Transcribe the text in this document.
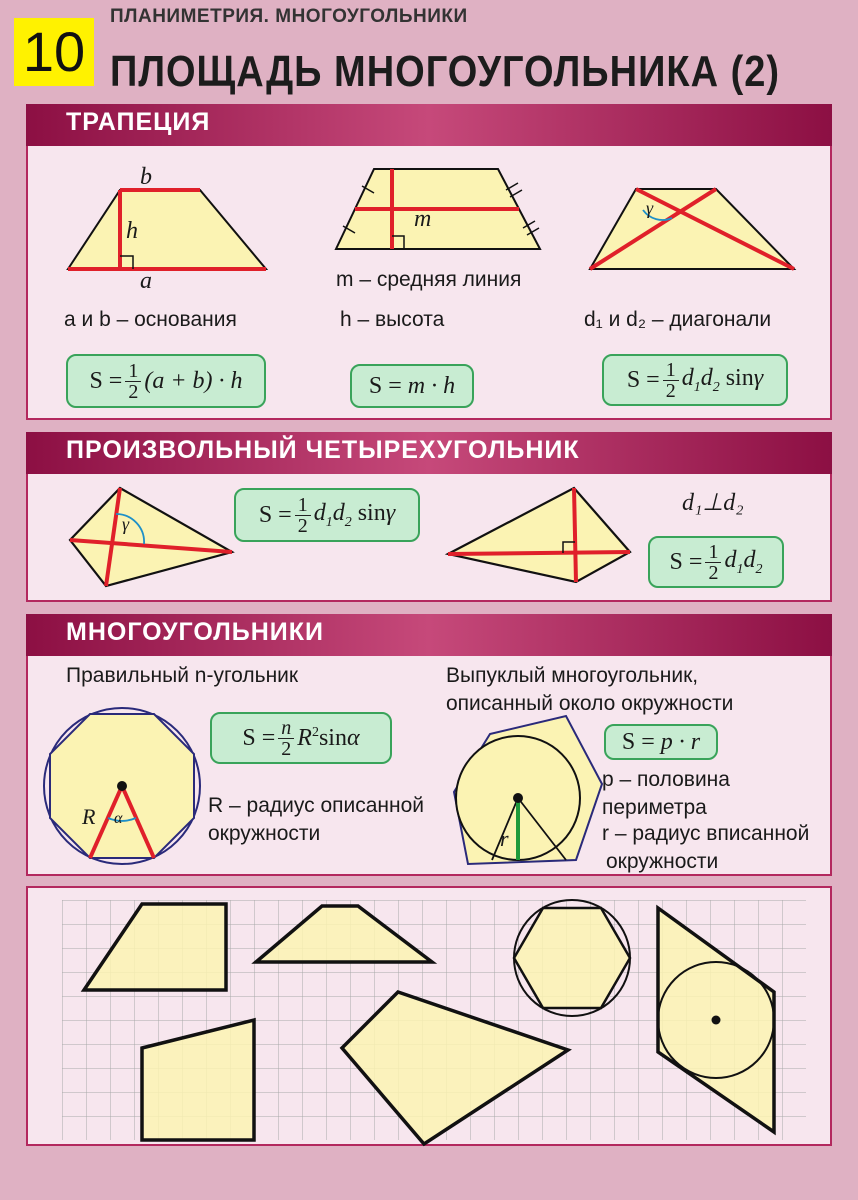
10
ПЛАНИМЕТРИЯ. МНОГОУГОЛЬНИКИ
ПЛОЩАДЬ МНОГОУГОЛЬНИКА (2)
ТРАПЕЦИЯ
b
h
a
m	γ
a и b – основания
m – средняя линия
h – высота	d₁ и d₂ – диагонали
$S = \frac{1}{2} (a + b) \cdot h$	S = m · h	$S = \frac{1}{2} d_1d_2$ sinγ
ПРОИЗВОЛЬНЫЙ ЧЕТЫРЕХУГОЛЬНИК
γ	$S = \frac{1}{2} d_1d_2$ sinγ	d₁⊥d₂
$S = \frac{1}{2} d_1d_2$
МНОГОУГОЛЬНИКИ
Правильный n-угольник
$S = \frac{n}{2} R^2\sin\alpha$
R α
R – радиус описанной
окружности
Выпуклый многоугольник,
описанный около окружности
S = p · r
r
p – половина
периметра
r – радиус вписанной
окружности
